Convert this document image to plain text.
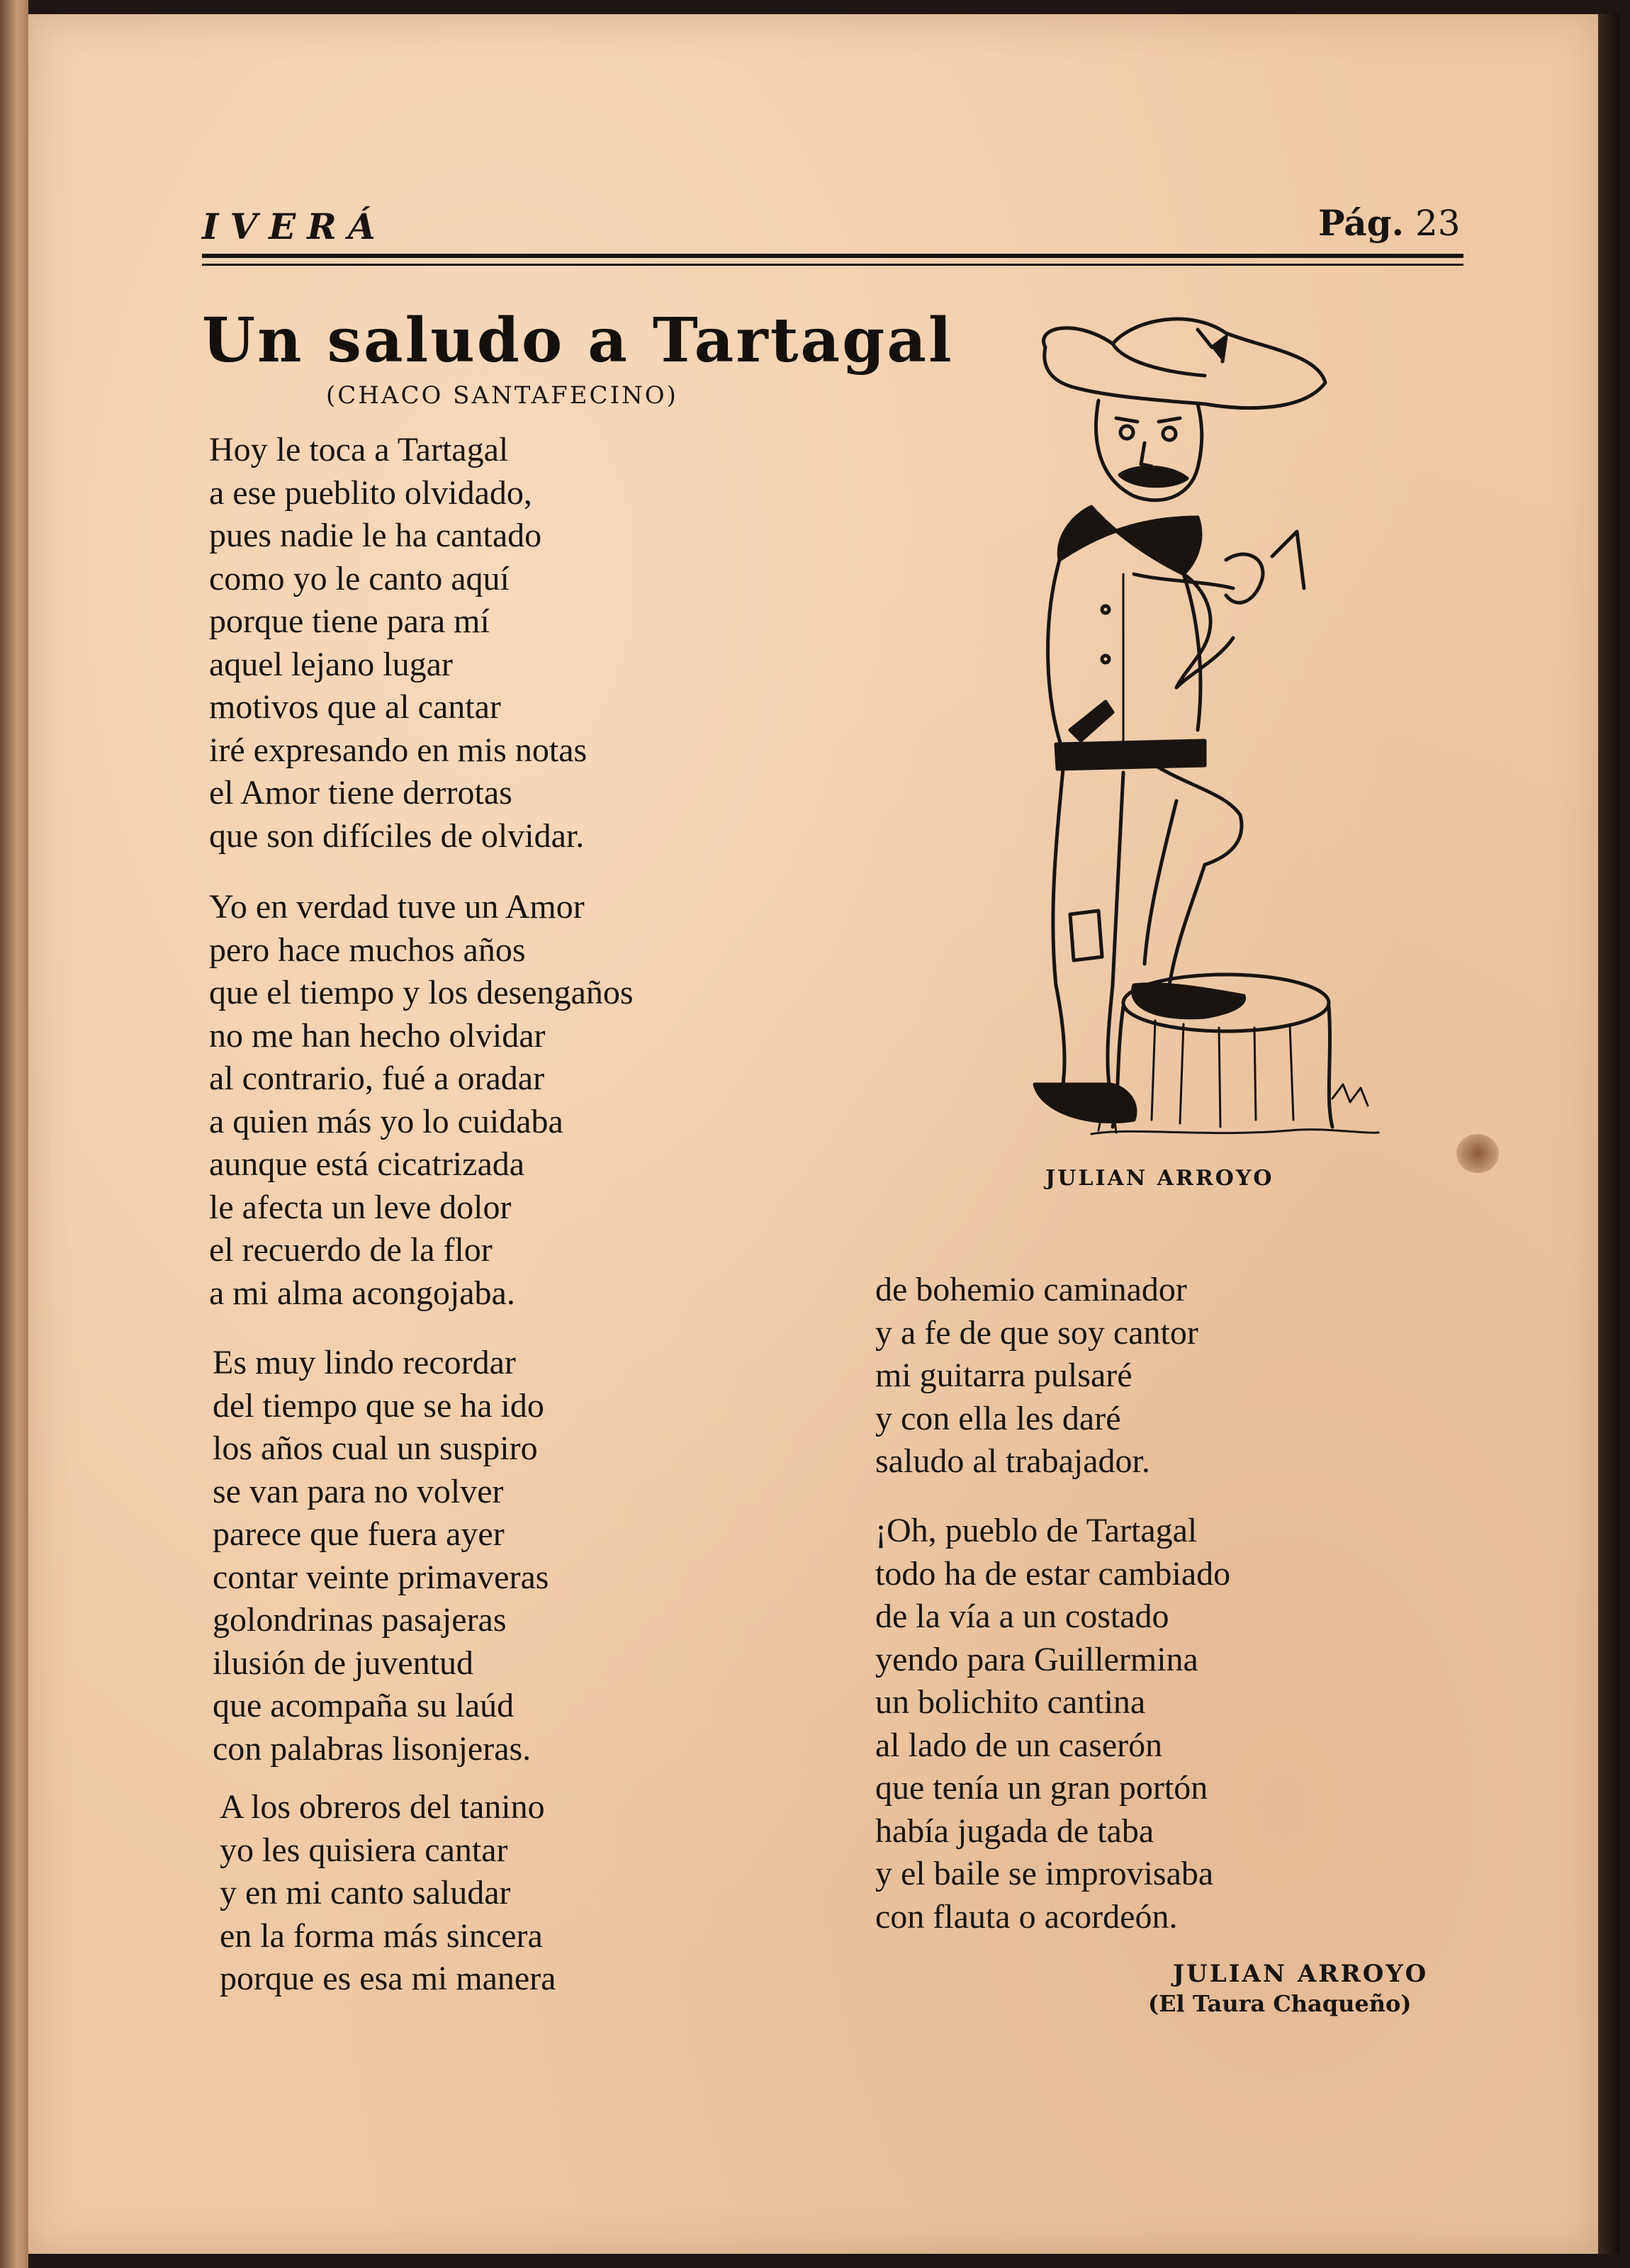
IVERÁ	Pág. 23
Un saludo a Tartagal
(CHACO SANTAFECINO)
Hoy le toca a Tartagal
a ese pueblito olvidado,
pues nadie le ha cantado
como yo le canto aquí
porque tiene para mí
aquel lejano lugar
motivos que al cantar
iré expresando en mis notas
el Amor tiene derrotas
que son difíciles de olvidar.
Yo en verdad tuve un Amor
pero hace muchos años
que el tiempo y los desengaños
no me han hecho olvidar
al contrario, fué a oradar
a quien más yo lo cuidaba
aunque está cicatrizada
le afecta un leve dolor
el recuerdo de la flor
a mi alma acongojaba.
Es muy lindo recordar
del tiempo que se ha ido
los años cual un suspiro
se van para no volver
parece que fuera ayer
contar veinte primaveras
golondrinas pasajeras
ilusión de juventud
que acompaña su laúd
con palabras lisonjeras.
A los obreros del tanino
yo les quisiera cantar
y en mi canto saludar
en la forma más sincera
porque es esa mi manera
de bohemio caminador
y a fe de que soy cantor
mi guitarra pulsaré
y con ella les daré
saludo al trabajador.
¡Oh, pueblo de Tartagal
todo ha de estar cambiado
de la vía a un costado
yendo para Guillermina
un bolichito cantina
al lado de un caserón
que tenía un gran portón
había jugada de taba
y el baile se improvisaba
con flauta o acordeón.
JULIAN ARROYO
JULIAN ARROYO
(El Taura Chaqueño)
